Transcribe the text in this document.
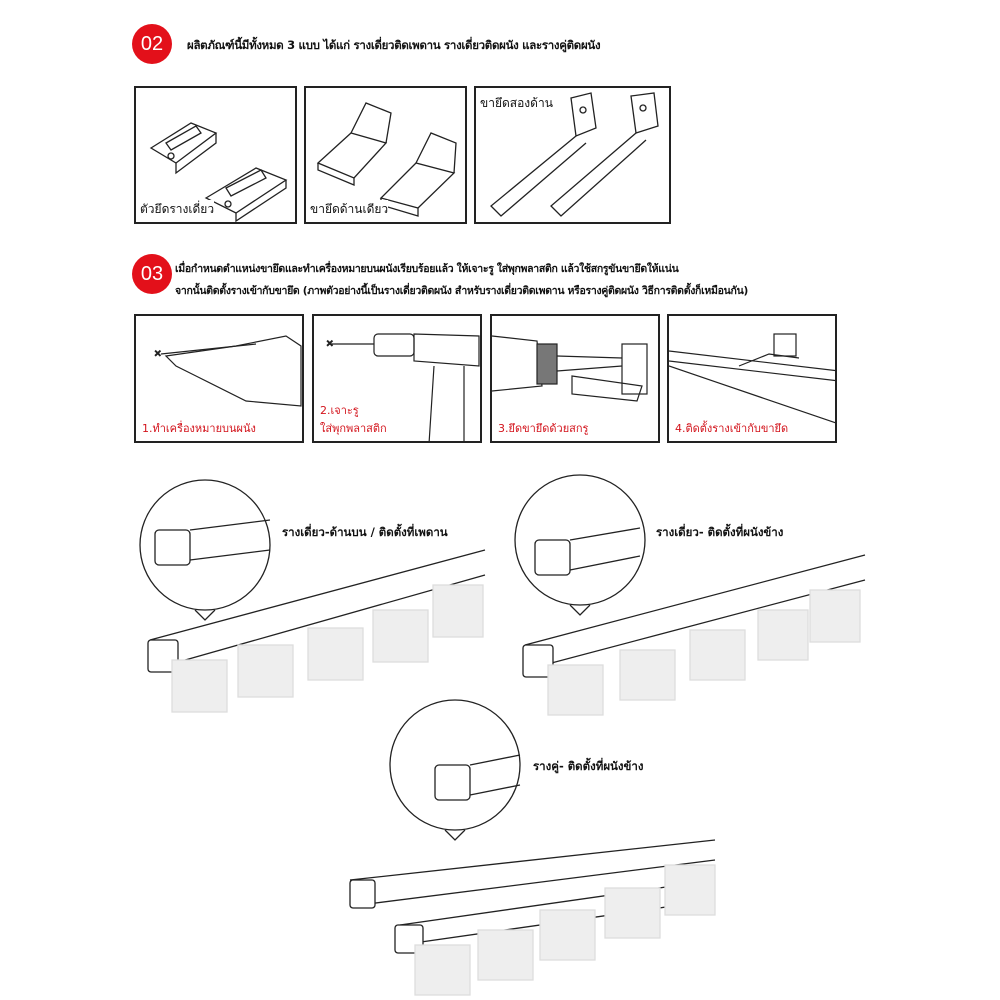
02	ผลิตภัณฑ์นี้มีทั้งหมด 3 แบบ ได้แก่ รางเดี่ยวติดเพดาน รางเดี่ยวติดผนัง และรางคู่ติดผนัง
ตัวยึดรางเดี่ยว	ขายึดด้านเดียว
ขายึดสองด้าน
03	เมื่อกำหนดตำแหน่งขายึดและทำเครื่องหมายบนผนังเรียบร้อยแล้ว ให้เจาะรู ใส่พุกพลาสติก แล้วใช้สกรูขันขายึดให้แน่น
จากนั้นติดตั้งรางเข้ากับขายึด (ภาพตัวอย่างนี้เป็นรางเดี่ยวติดผนัง สำหรับรางเดี่ยวติดเพดาน หรือรางคู่ติดผนัง วิธีการติดตั้งก็เหมือนกัน)
×
1.ทำเครื่องหมายบนผนัง
×
2.เจาะรู
ใส่พุกพลาสติก	3.ยึดขายึดด้วยสกรู	4.ติดตั้งรางเข้ากับขายึด
รางเดี่ยว-ด้านบน / ติดตั้งที่เพดาน	รางเดี่ยว- ติดตั้งที่ผนังข้าง
รางคู่- ติดตั้งที่ผนังข้าง
